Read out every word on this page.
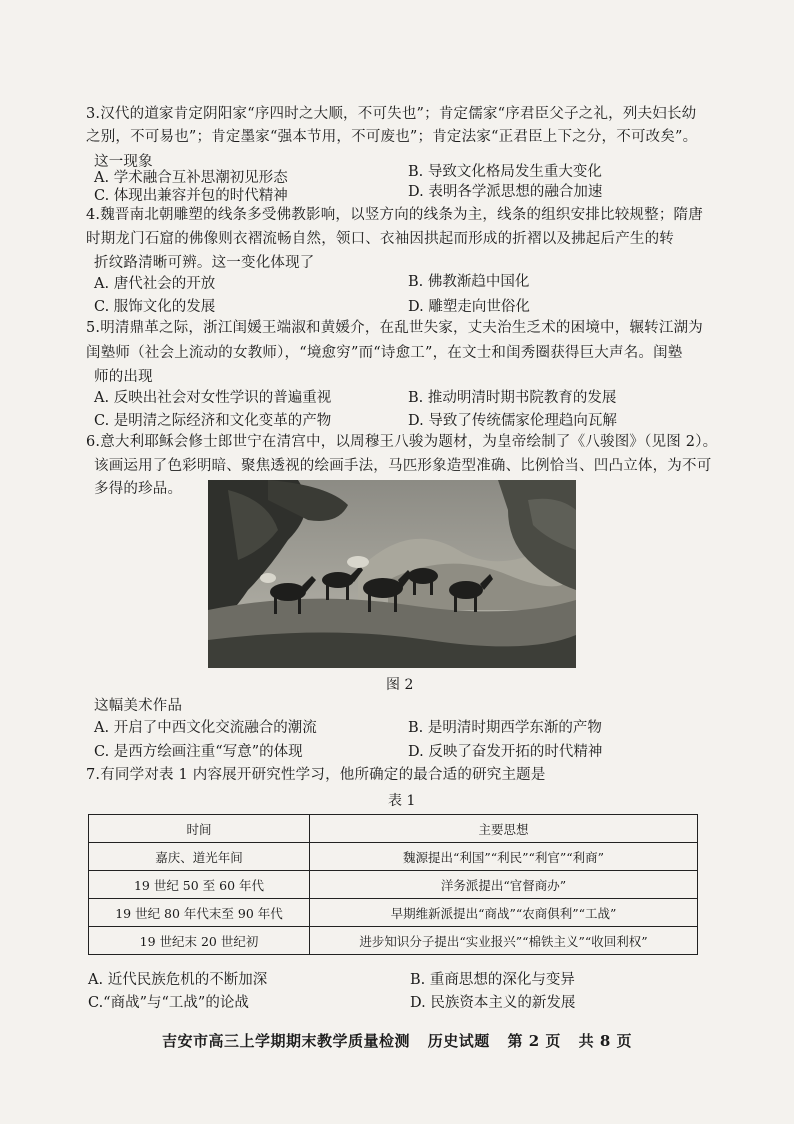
3.汉代的道家肯定阴阳家“序四时之大顺，不可失也”；肯定儒家“序君臣父子之礼，列夫妇长幼
之别，不可易也”；肯定墨家“强本节用，不可废也”；肯定法家“正君臣上下之分，不可改矣”。
这一现象
A. 学术融合互补思潮初见形态	B. 导致文化格局发生重大变化
C. 体现出兼容并包的时代精神	D. 表明各学派思想的融合加速
4.魏晋南北朝雕塑的线条多受佛教影响，以竖方向的线条为主，线条的组织安排比较规整；隋唐
时期龙门石窟的佛像则衣褶流畅自然，领口、衣袖因拱起而形成的折褶以及拂起后产生的转
折纹路清晰可辨。这一变化体现了
A. 唐代社会的开放	B. 佛教渐趋中国化
C. 服饰文化的发展	D. 雕塑走向世俗化
5.明清鼎革之际，浙江闺媛王端淑和黄媛介，在乱世失家，丈夫治生乏术的困境中，辗转江湖为
闺塾师（社会上流动的女教师），“境愈穷”而“诗愈工”，在文士和闺秀圈获得巨大声名。闺塾
师的出现
A. 反映出社会对女性学识的普遍重视	B. 推动明清时期书院教育的发展
C. 是明清之际经济和文化变革的产物	D. 导致了传统儒家伦理趋向瓦解
6.意大利耶稣会修士郎世宁在清宫中，以周穆王八骏为题材，为皇帝绘制了《八骏图》（见图 2）。
该画运用了色彩明暗、聚焦透视的绘画手法，马匹形象造型准确、比例恰当、凹凸立体，为不可
多得的珍品。
图 2
这幅美术作品
A. 开启了中西文化交流融合的潮流	B. 是明清时期西学东渐的产物
C. 是西方绘画注重“写意”的体现	D. 反映了奋发开拓的时代精神
7.有同学对表 1 内容展开研究性学习，他所确定的最合适的研究主题是
表 1
时间	主要思想
嘉庆、道光年间	魏源提出“利国”“利民”“利官”“利商”
19 世纪 50 至 60 年代	洋务派提出“官督商办”
19 世纪 80 年代末至 90 年代	早期维新派提出“商战”“农商俱利”“工战”
19 世纪末 20 世纪初	进步知识分子提出“实业报兴”“棉铁主义”“收回利权”
A. 近代民族危机的不断加深	B. 重商思想的深化与变异
C.“商战”与“工战”的论战	D. 民族资本主义的新发展
吉安市高三上学期期末教学质量检测 历史试题 第 2 页 共 8 页
